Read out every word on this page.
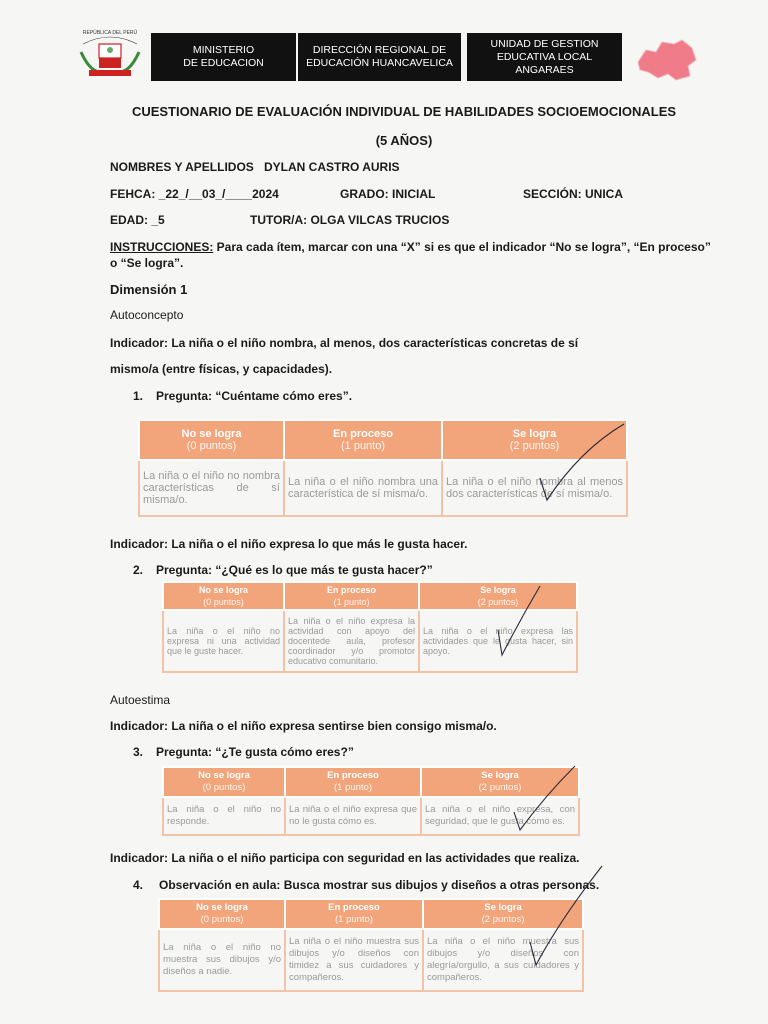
REPÚBLICA DEL PERÚ
MINISTERIO
DE EDUCACION
DIRECCIÓN REGIONAL DE
EDUCACIÓN HUANCAVELICA
UNIDAD DE GESTION
EDUCATIVA LOCAL
ANGARAES
CUESTIONARIO DE EVALUACIÓN INDIVIDUAL DE HABILIDADES SOCIOEMOCIONALES
(5 AÑOS)
NOMBRES Y APELLIDOS DYLAN CASTRO AURIS
FEHCA: _22_/__03_/____2024	GRADO: INICIAL	SECCIÓN: UNICA
EDAD: _5	TUTOR/A: OLGA VILCAS TRUCIOS
INSTRUCCIONES: Para cada ítem, marcar con una “X” si es que el indicador “No se logra”, “En proceso”
o “Se logra”.
Dimensión 1
Autoconcepto
Indicador: La niña o el niño nombra, al menos, dos características concretas de sí
mismo/a (entre físicas, y capacidades).
1. Pregunta: “Cuéntame cómo eres”.
No se logra
(0 puntos)	En proceso
(1 punto)	Se logra
(2 puntos)
La niña o el niño no nombra características de sí misma/o.	La niña o el niño nombra una característica de sí misma/o.	La niña o el niño nombra al menos dos características de sí misma/o.
Indicador: La niña o el niño expresa lo que más le gusta hacer.
2. Pregunta: “¿Qué es lo que más te gusta hacer?”
No se logra
(0 puntos)	En proceso
(1 punto)	Se logra
(2 puntos)
La niña o el niño no expresa ni una actividad que le guste hacer.	La niña o el niño expresa la actividad con apoyo del docentede aula, profesor coordinador y/o promotor educativo comunitario.	La niña o el niño expresa las actividades que le gusta hacer, sin apoyo.
Autoestima
Indicador: La niña o el niño expresa sentirse bien consigo misma/o.
3. Pregunta: “¿Te gusta cómo eres?”
No se logra
(0 puntos)	En proceso
(1 punto)	Se logra
(2 puntos)
La niña o el niño no responde.	La niña o el niño expresa que no le gusta cómo es.	La niña o el niño expresa, con seguridad, que le gusta cómo es.
Indicador: La niña o el niño participa con seguridad en las actividades que realiza.
4. Observación en aula: Busca mostrar sus dibujos y diseños a otras personas.
No se logra
(0 puntos)	En proceso
(1 punto)	Se logra
(2 puntos)
La niña o el niño no muestra sus dibujos y/o diseños a nadie.	La niña o el niño muestra sus dibujos y/o diseños con timidez a sus cuidadores y compañeros.	La niña o el niño muestra sus dibujos y/o diseños con alegría/orgullo, a sus cuidadores y compañeros.
